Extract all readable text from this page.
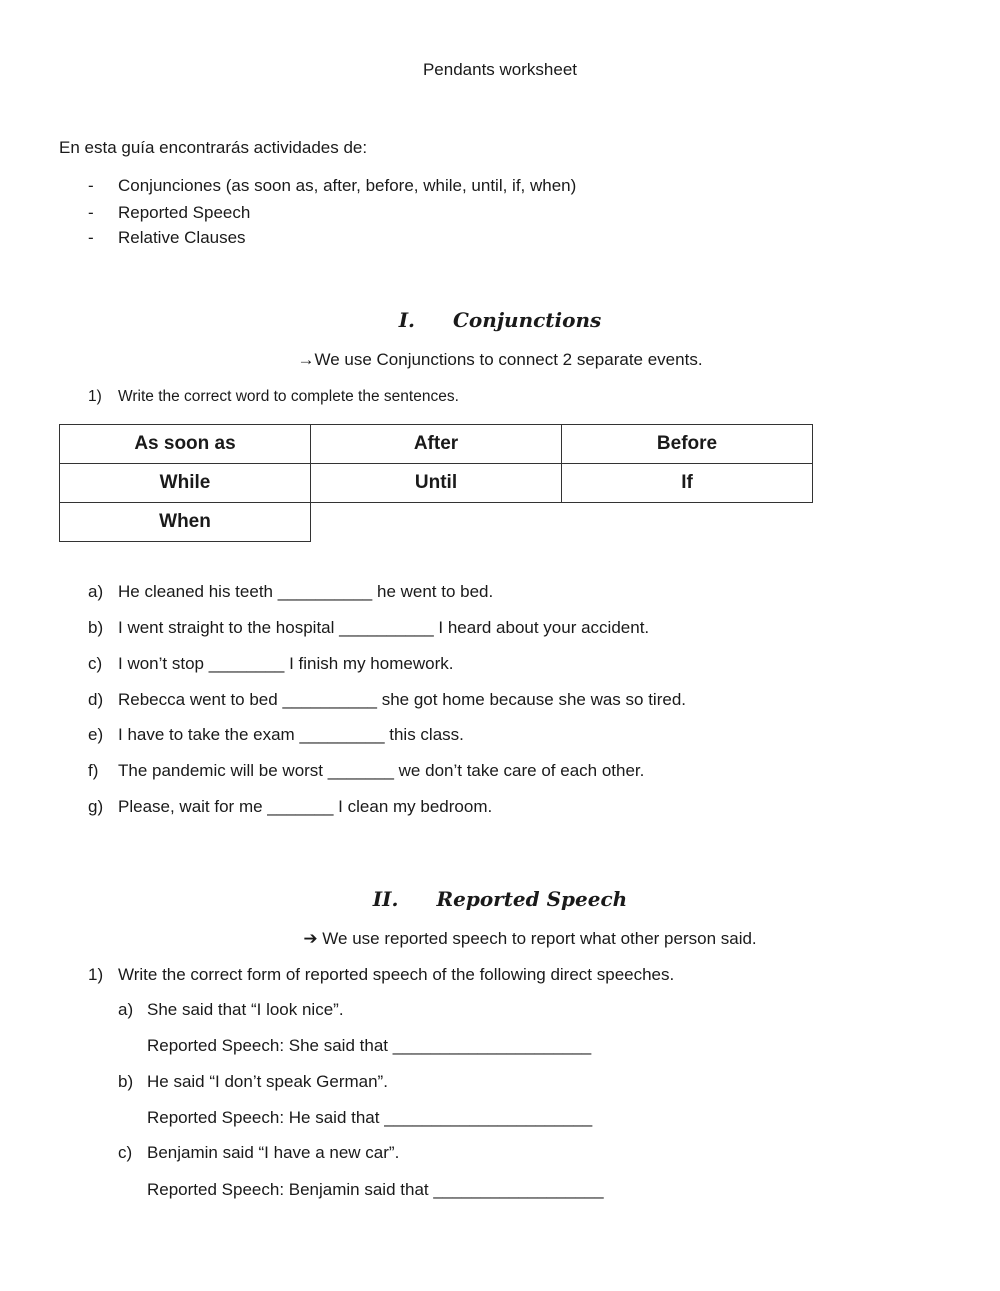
Pendants worksheet
En esta guía encontrarás actividades de:
- Conjunciones (as soon as, after, before, while, until, if, when)
- Reported Speech
- Relative Clauses
I. Conjunctions
→We use Conjunctions to connect 2 separate events.
1) Write the correct word to complete the sentences.
As soon as	After	Before
While	Until	If
When		
a) He cleaned his teeth __________ he went to bed.
b) I went straight to the hospital __________ I heard about your accident.
c) I won’t stop ________ I finish my homework.
d) Rebecca went to bed __________ she got home because she was so tired.
e) I have to take the exam _________ this class.
f) The pandemic will be worst _______ we don’t take care of each other.
g) Please, wait for me _______ I clean my bedroom.
II. Reported Speech
➔ We use reported speech to report what other person said.
1) Write the correct form of reported speech of the following direct speeches.
a) She said that “I look nice”.
Reported Speech: She said that _____________________
b) He said “I don’t speak German”.
Reported Speech: He said that ______________________
c) Benjamin said “I have a new car”.
Reported Speech: Benjamin said that __________________
